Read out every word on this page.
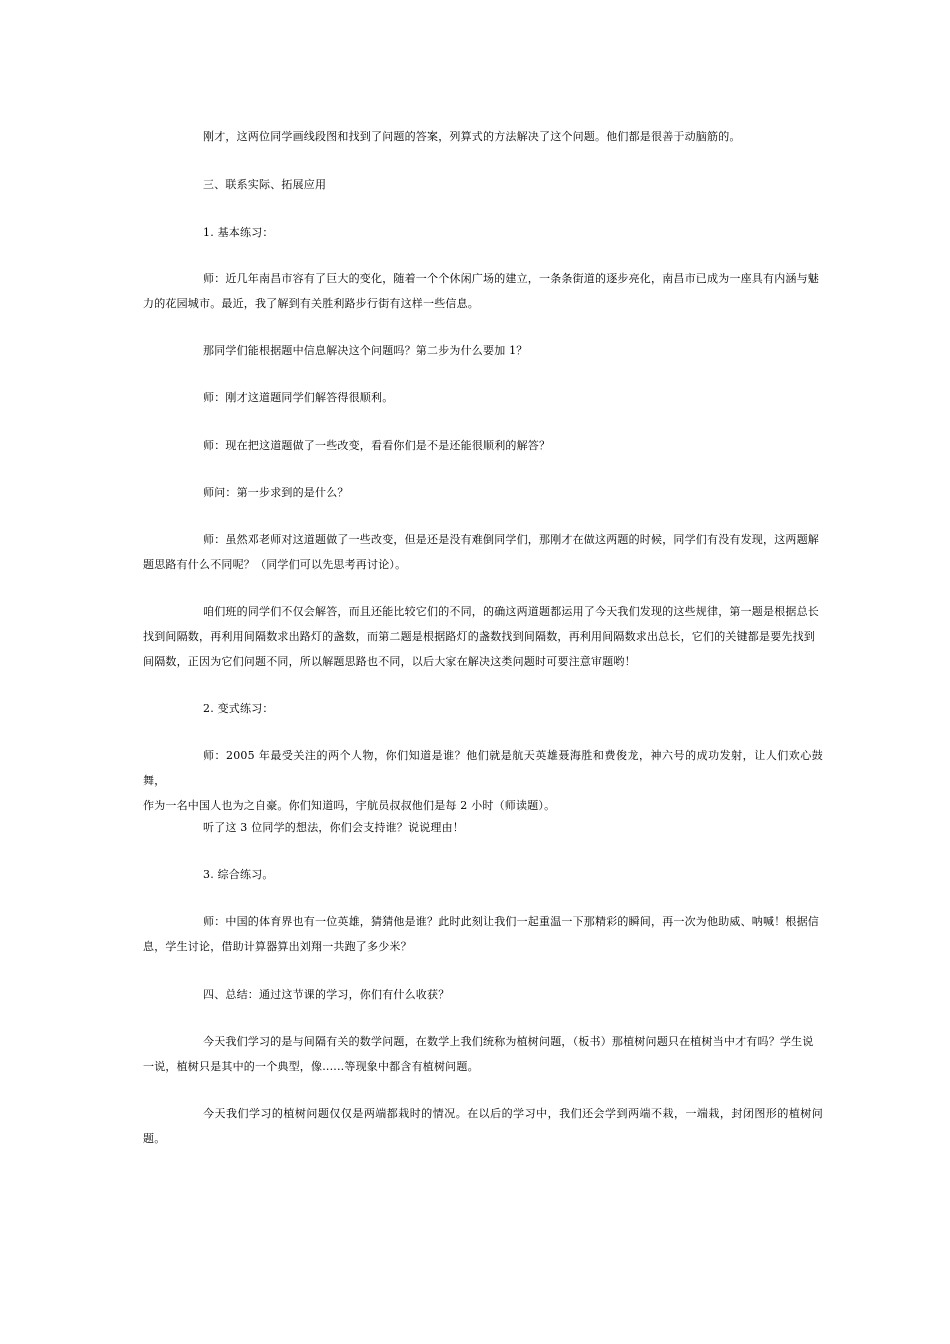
刚才，这两位同学画线段图和找到了问题的答案，列算式的方法解决了这个问题。他们都是很善于动脑筋的。

三、联系实际、拓展应用

1. 基本练习：

师：近几年南昌市容有了巨大的变化，随着一个个休闲广场的建立，一条条街道的逐步亮化，南昌市已成为一座具有内涵与魅
力的花园城市。最近，我了解到有关胜利路步行街有这样一些信息。

那同学们能根据题中信息解决这个问题吗？第二步为什么要加 1？

师：刚才这道题同学们解答得很顺利。

师：现在把这道题做了一些改变，看看你们是不是还能很顺利的解答？

师问：第一步求到的是什么？

师：虽然邓老师对这道题做了一些改变，但是还是没有难倒同学们，那刚才在做这两题的时候，同学们有没有发现，这两题解
题思路有什么不同呢？（同学们可以先思考再讨论）。

咱们班的同学们不仅会解答，而且还能比较它们的不同，的确这两道题都运用了今天我们发现的这些规律，第一题是根据总长
找到间隔数，再利用间隔数求出路灯的盏数，而第二题是根据路灯的盏数找到间隔数，再利用间隔数求出总长，它们的关键都是要先找到
间隔数，正因为它们问题不同，所以解题思路也不同，以后大家在解决这类问题时可要注意审题哟！

2. 变式练习：

师：2005 年最受关注的两个人物，你们知道是谁？他们就是航天英雄聂海胜和费俊龙，神六号的成功发射，让人们欢心鼓舞，
作为一名中国人也为之自豪。你们知道吗，宇航员叔叔他们是每 2 小时（师读题）。

听了这 3 位同学的想法，你们会支持谁？说说理由！

3. 综合练习。

师：中国的体育界也有一位英雄，猜猜他是谁？此时此刻让我们一起重温一下那精彩的瞬间，再一次为他助威、呐喊！根据信
息，学生讨论，借助计算器算出刘翔一共跑了多少米？

四、总结：通过这节课的学习，你们有什么收获？

今天我们学习的是与间隔有关的数学问题，在数学上我们统称为植树问题，（板书）那植树问题只在植树当中才有吗？学生说
一说，植树只是其中的一个典型，像......等现象中都含有植树问题。

今天我们学习的植树问题仅仅是两端都栽时的情况。在以后的学习中，我们还会学到两端不栽，一端栽，封闭图形的植树问题。
